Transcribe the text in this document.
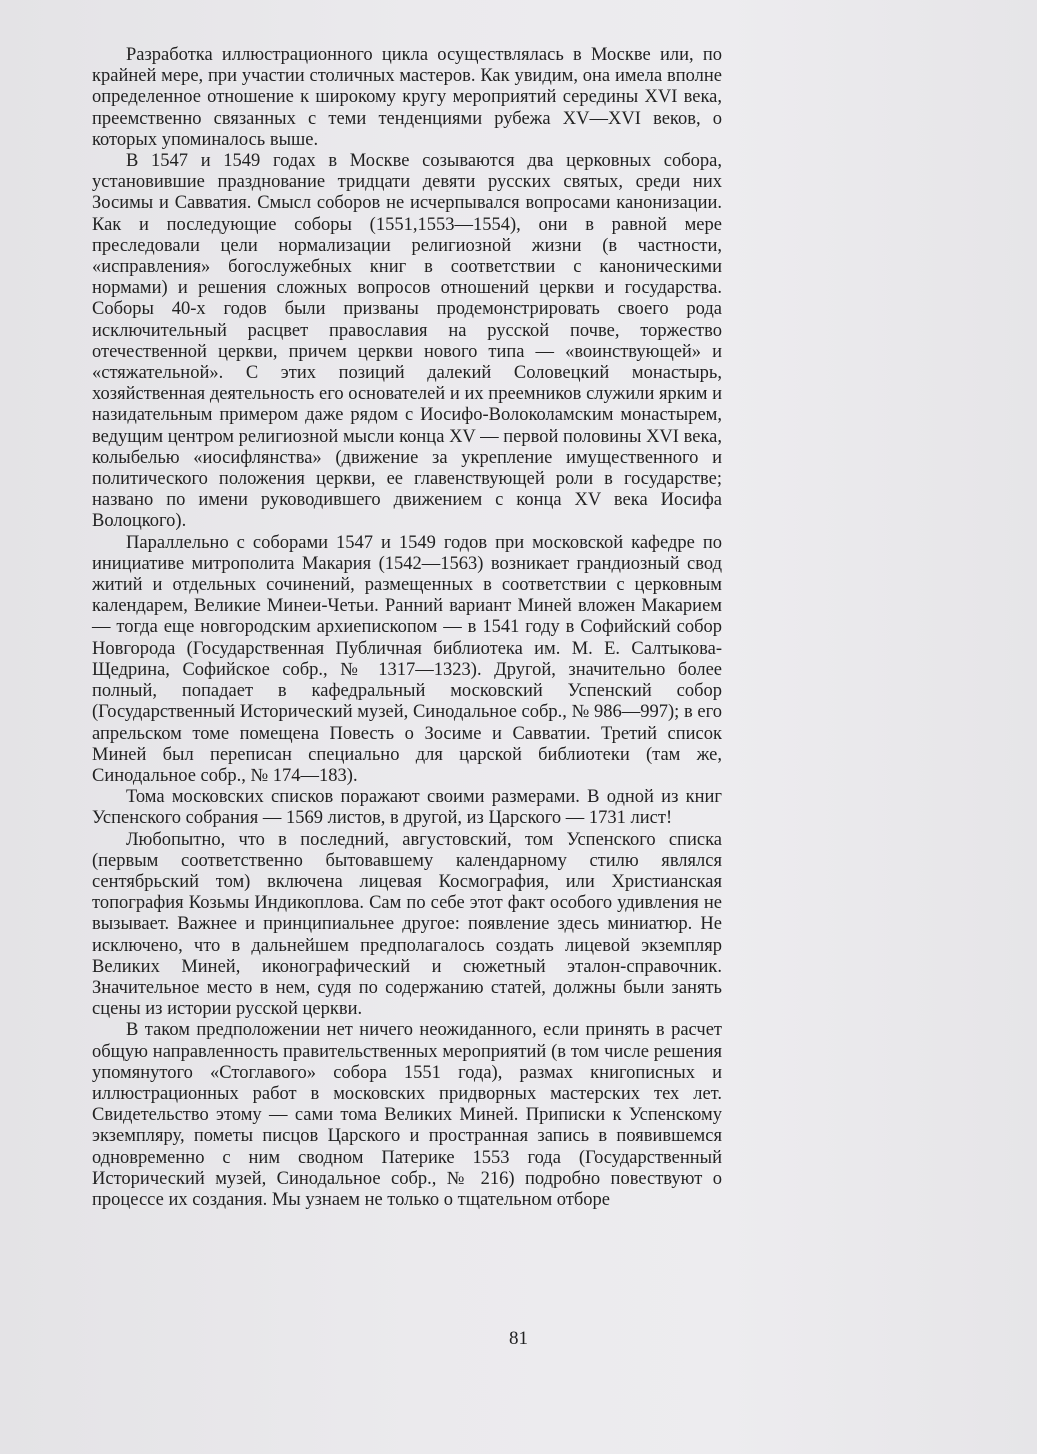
Разработка иллюстрационного цикла осуществлялась в Москве или, по крайней мере, при участии столичных мастеров. Как увидим, она имела вполне определенное отношение к широкому кругу мероприятий середины XVI века, преемственно связанных с теми тенденциями рубежа XV—XVI веков, о которых упоминалось выше.

В 1547 и 1549 годах в Москве созываются два церковных собора, установившие празднование тридцати девяти русских святых, среди них Зосимы и Савватия. Смысл соборов не исчерпывался вопросами канонизации. Как и последующие соборы (1551,1553—1554), они в равной мере преследовали цели нормализации религиозной жизни (в частности, «исправления» богослужебных книг в соответствии с каноническими нормами) и решения сложных вопросов отношений церкви и государства. Соборы 40-х годов были призваны продемонстрировать своего рода исключительный расцвет православия на русской почве, торжество отечественной церкви, причем церкви нового типа — «воинствующей» и «стяжательной». С этих позиций далекий Соловецкий монастырь, хозяйственная деятельность его основателей и их преемников служили ярким и назидательным примером даже рядом с Иосифо-Волоколамским монастырем, ведущим центром религиозной мысли конца XV — первой половины XVI века, колыбелью «иосифлянства» (движение за укрепление имущественного и политического положения церкви, ее главенствующей роли в государстве; названо по имени руководившего движением с конца XV века Иосифа Волоцкого).

Параллельно с соборами 1547 и 1549 годов при московской кафедре по инициативе митрополита Макария (1542—1563) возникает грандиозный свод житий и отдельных сочинений, размещенных в соответствии с церковным календарем, Великие Минеи-Четьи. Ранний вариант Миней вложен Макарием — тогда еще новгородским архиепископом — в 1541 году в Софийский собор Новгорода (Государственная Публичная библиотека им. М. Е. Салтыкова-Щедрина, Софийское собр., № 1317—1323). Другой, значительно более полный, попадает в кафедральный московский Успенский собор (Государственный Исторический музей, Синодальное собр., № 986—997); в его апрельском томе помещена Повесть о Зосиме и Савватии. Третий список Миней был переписан специально для царской библиотеки (там же, Синодальное собр., № 174—183).

Тома московских списков поражают своими размерами. В одной из книг Успенского собрания — 1569 листов, в другой, из Царского — 1731 лист!

Любопытно, что в последний, августовский, том Успенского списка (первым соответственно бытовавшему календарному стилю являлся сентябрьский том) включена лицевая Космография, или Христианская топография Козьмы Индикоплова. Сам по себе этот факт особого удивления не вызывает. Важнее и принципиальнее другое: появление здесь миниатюр. Не исключено, что в дальнейшем предполагалось создать лицевой экземпляр Великих Миней, иконографический и сюжетный эталон-справочник. Значительное место в нем, судя по содержанию статей, должны были занять сцены из истории русской церкви.

В таком предположении нет ничего неожиданного, если принять в расчет общую направленность правительственных мероприятий (в том числе решения упомянутого «Стоглавого» собора 1551 года), размах книгописных и иллюстрационных работ в московских придворных мастерских тех лет. Свидетельство этому — сами тома Великих Миней. Приписки к Успенскому экземпляру, пометы писцов Царского и пространная запись в появившемся одновременно с ним сводном Патерике 1553 года (Государственный Исторический музей, Синодальное собр., № 216) подробно повествуют о процессе их создания. Мы узнаем не только о тщательном отборе

81
